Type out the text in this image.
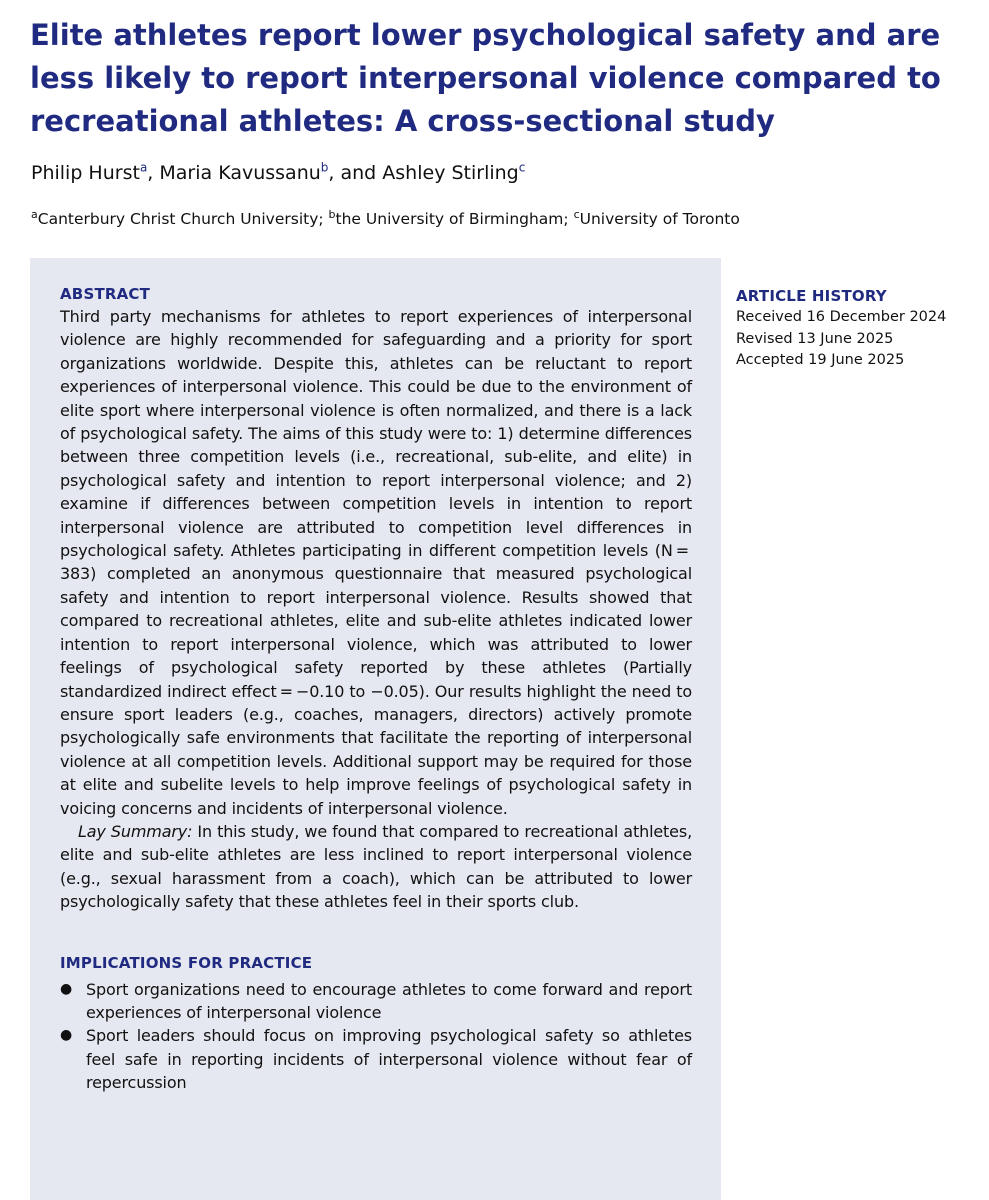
Elite athletes report lower psychological safety and are less likely to report interpersonal violence compared to recreational athletes: A cross-sectional study

Philip Hurst$^a$, Maria Kavussanu$^b$, and Ashley Stirling$^c$

$^a$Canterbury Christ Church University; $^b$the University of Birmingham; $^c$University of Toronto

ABSTRACT

Third party mechanisms for athletes to report experiences of interpersonal violence are highly recommended for safeguarding and a priority for sport organizations worldwide. Despite this, athletes can be reluctant to report experiences of interpersonal violence. This could be due to the environment of elite sport where interpersonal violence is often normalized, and there is a lack of psychological safety. The aims of this study were to: 1) determine differences between three competition levels (i.e., recreational, sub-elite, and elite) in psychological safety and intention to report interpersonal violence; and 2) examine if differences between competition levels in intention to report interpersonal violence are attributed to competition level differences in psychological safety. Athletes participating in different competition levels (N = 383) completed an anonymous questionnaire that measured psychological safety and intention to report interpersonal violence. Results showed that compared to recreational athletes, elite and sub-elite athletes indicated lower intention to report interpersonal violence, which was attributed to lower feelings of psychological safety reported by these athletes (Partially standardized indirect effect = −0.10 to −0.05). Our results highlight the need to ensure sport leaders (e.g., coaches, managers, directors) actively promote psychologically safe environments that facilitate the reporting of interpersonal violence at all competition levels. Additional support may be required for those at elite and subelite levels to help improve feelings of psychological safety in voicing concerns and incidents of interpersonal violence.

Lay Summary: In this study, we found that compared to recreational athletes, elite and sub-elite athletes are less inclined to report interpersonal violence (e.g., sexual harassment from a coach), which can be attributed to lower psychologically safety that these athletes feel in their sports club.

IMPLICATIONS FOR PRACTICE
● Sport organizations need to encourage athletes to come forward and report experiences of interpersonal violence
● Sport leaders should focus on improving psychological safety so athletes feel safe in reporting incidents of interpersonal violence without fear of repercussion
ARTICLE HISTORY

Received 16 December 2024

Revised 13 June 2025

Accepted 19 June 2025
